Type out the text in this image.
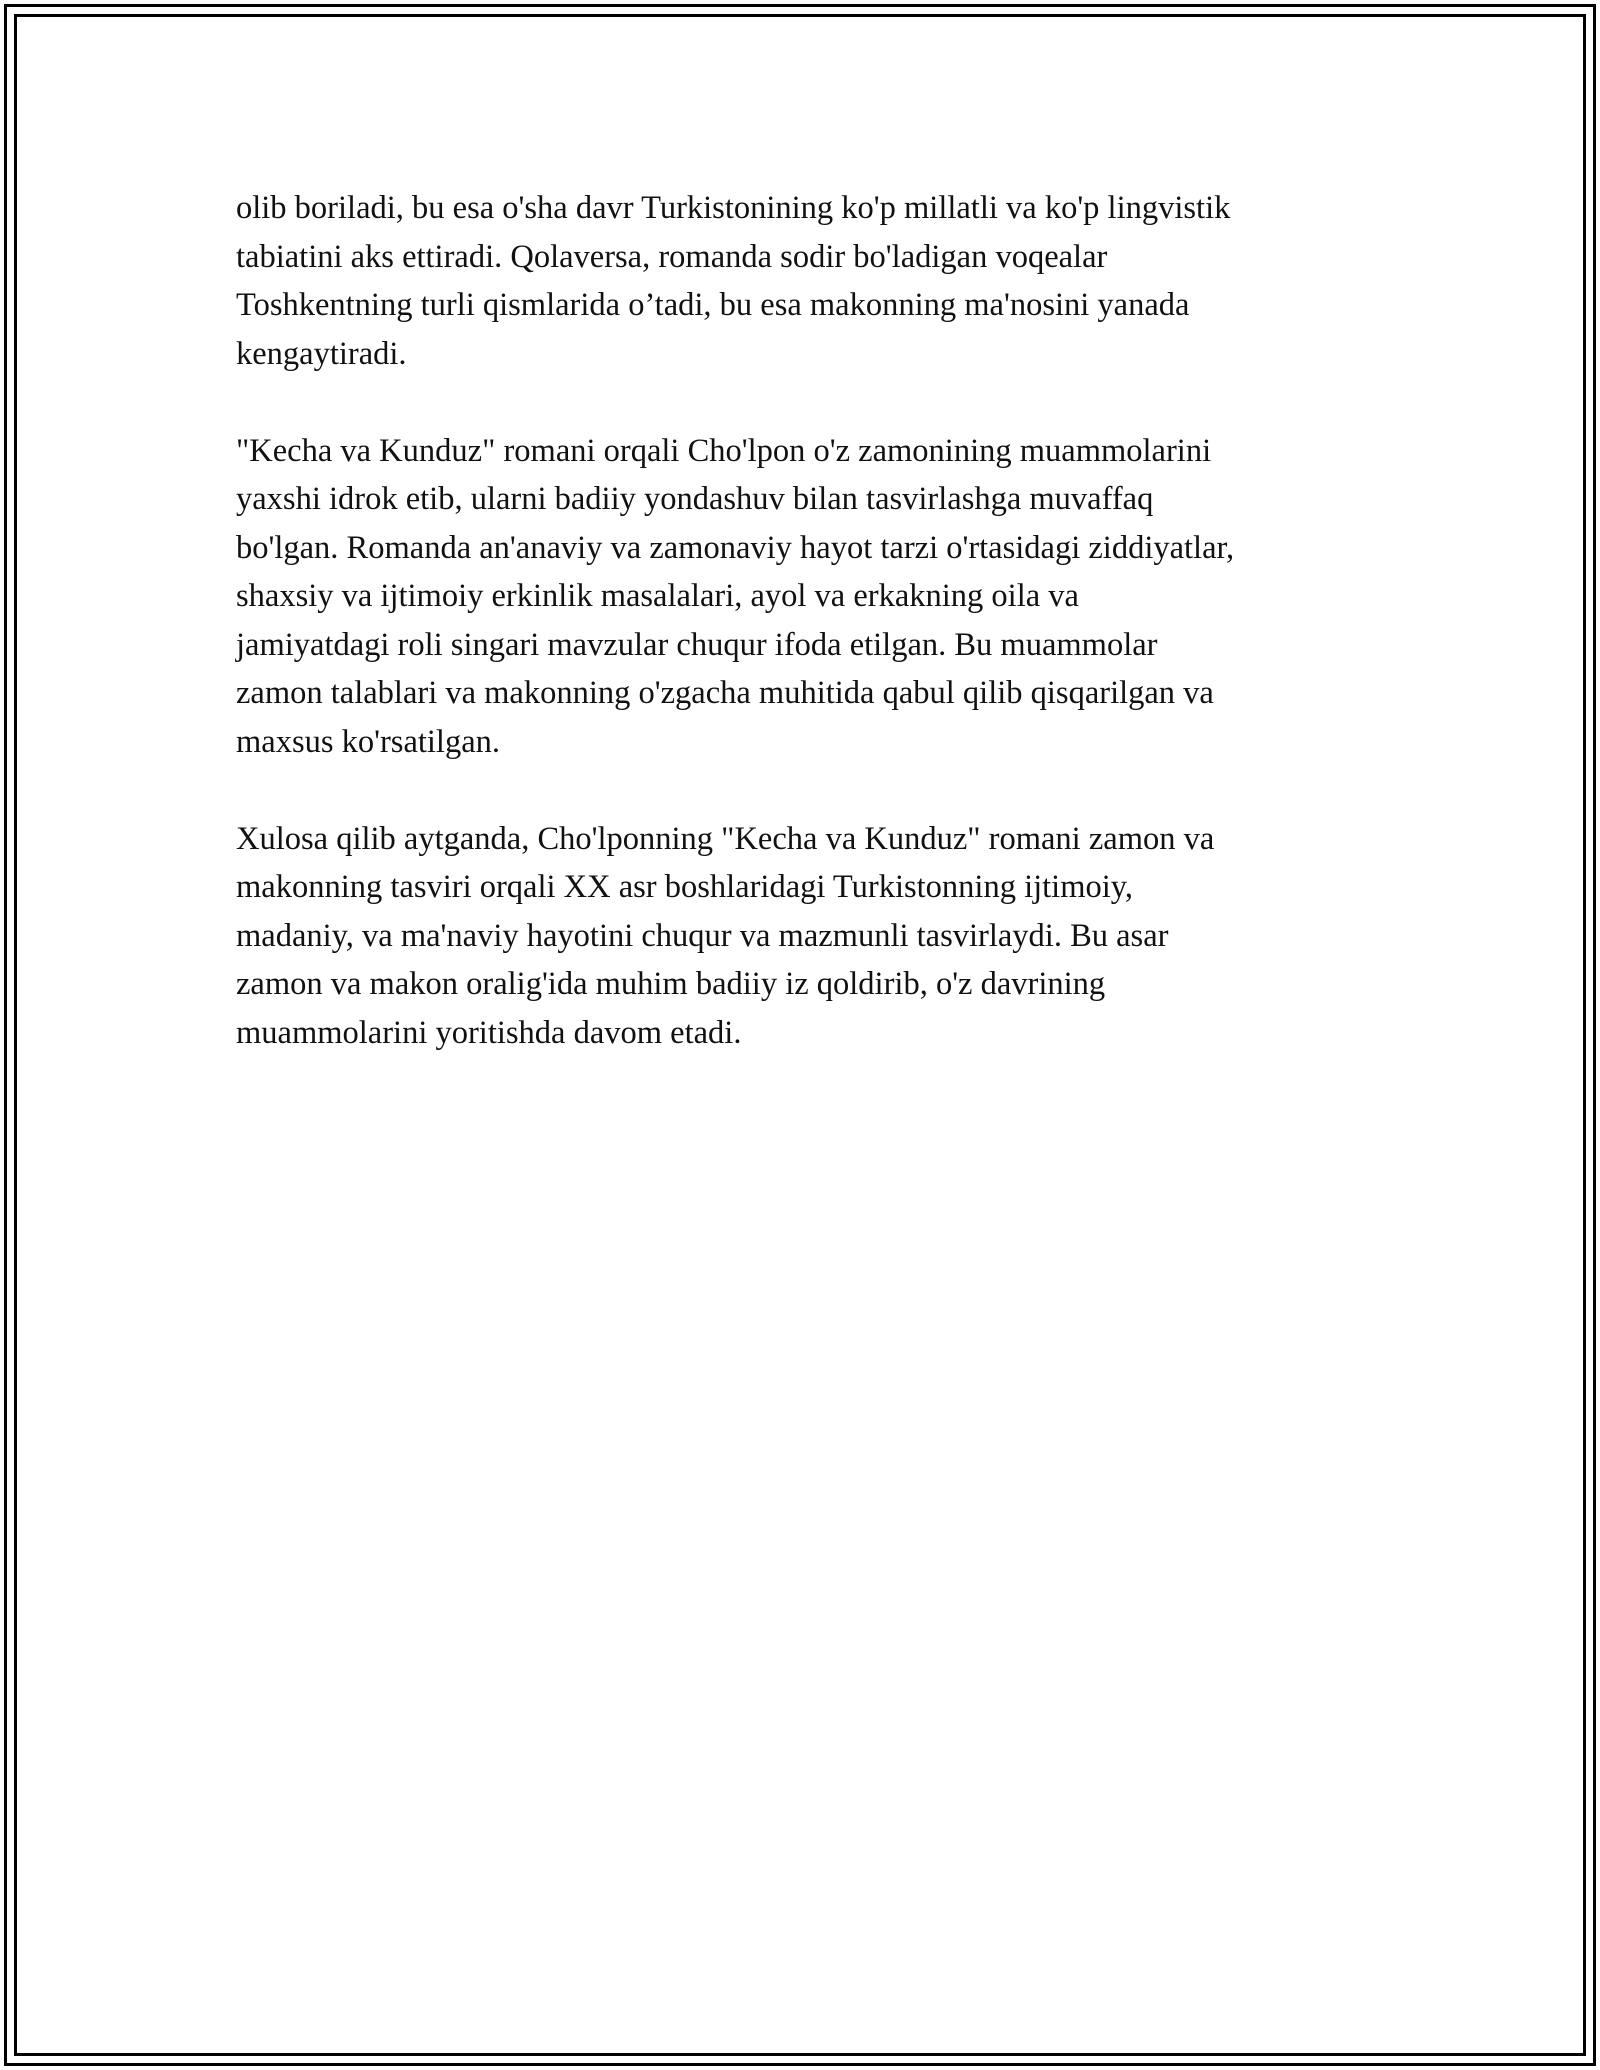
olib boriladi, bu esa o'sha davr Turkistonining ko'p millatli va ko'p lingvistik
tabiatini aks ettiradi. Qolaversa, romanda sodir bo'ladigan voqealar
Toshkentning turli qismlarida o’tadi, bu esa makonning ma'nosini yanada
kengaytiradi.

"Kecha va Kunduz" romani orqali Cho'lpon o'z zamonining muammolarini
yaxshi idrok etib, ularni badiiy yondashuv bilan tasvirlashga muvaffaq
bo'lgan. Romanda an'anaviy va zamonaviy hayot tarzi o'rtasidagi ziddiyatlar,
shaxsiy va ijtimoiy erkinlik masalalari, ayol va erkakning oila va
jamiyatdagi roli singari mavzular chuqur ifoda etilgan. Bu muammolar
zamon talablari va makonning o'zgacha muhitida qabul qilib qisqarilgan va
maxsus ko'rsatilgan.

Xulosa qilib aytganda, Cho'lponning "Kecha va Kunduz" romani zamon va
makonning tasviri orqali XX asr boshlaridagi Turkistonning ijtimoiy,
madaniy, va ma'naviy hayotini chuqur va mazmunli tasvirlaydi. Bu asar
zamon va makon oralig'ida muhim badiiy iz qoldirib, o'z davrining
muammolarini yoritishda davom etadi.
